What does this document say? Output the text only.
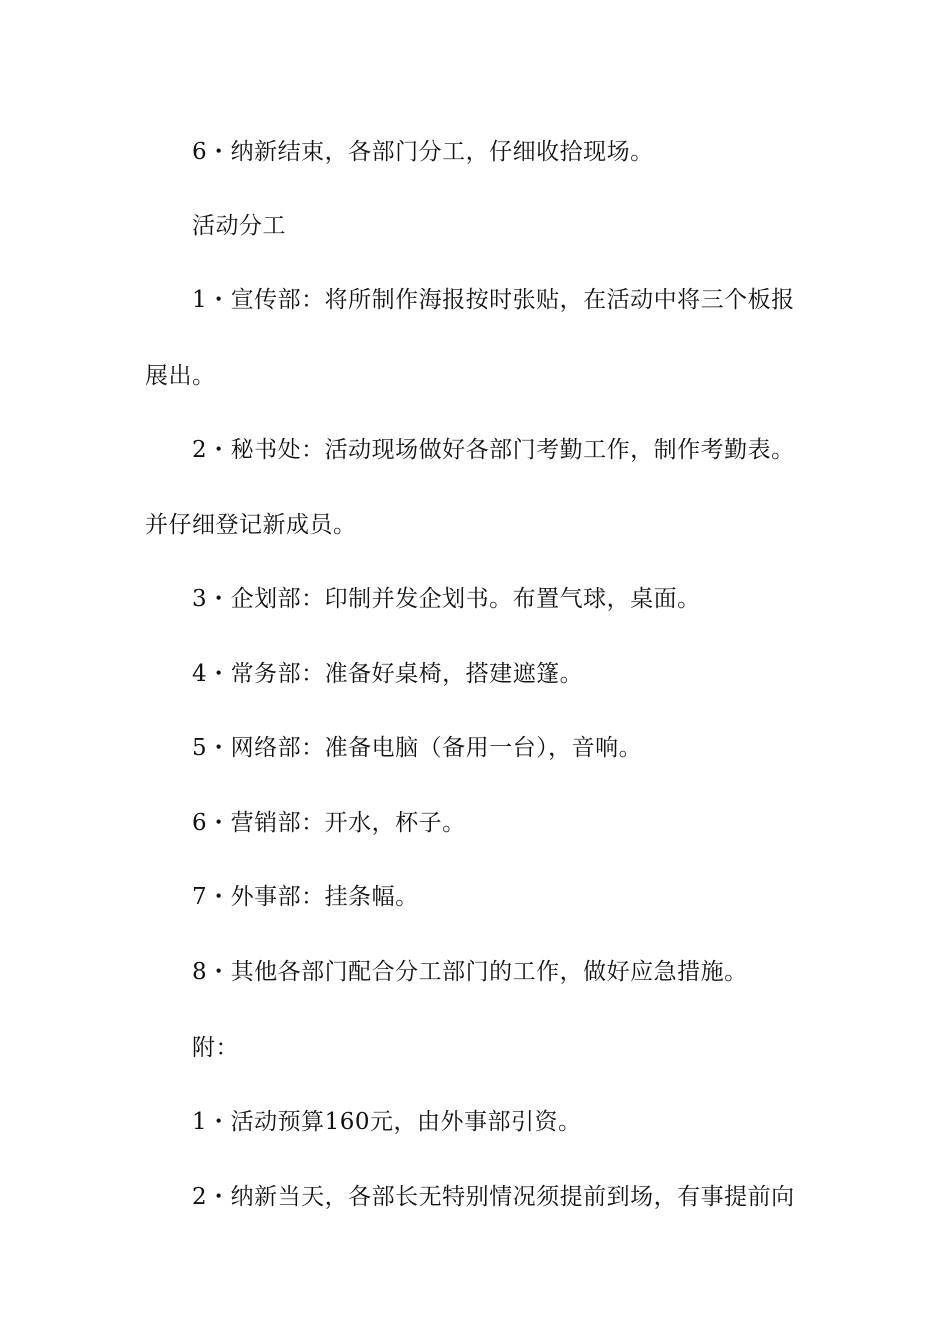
6・纳新结束，各部门分工，仔细收拾现场。
活动分工
1・宣传部：将所制作海报按时张贴，在活动中将三个板报
展出。
2・秘书处：活动现场做好各部门考勤工作，制作考勤表。
并仔细登记新成员。
3・企划部：印制并发企划书。布置气球，桌面。
4・常务部：准备好桌椅，搭建遮篷。
5・网络部：准备电脑（备用一台），音响。
6・营销部：开水，杯子。
7・外事部：挂条幅。
8・其他各部门配合分工部门的工作，做好应急措施。
附：
1・活动预算160元，由外事部引资。
2・纳新当天，各部长无特别情况须提前到场，有事提前向
